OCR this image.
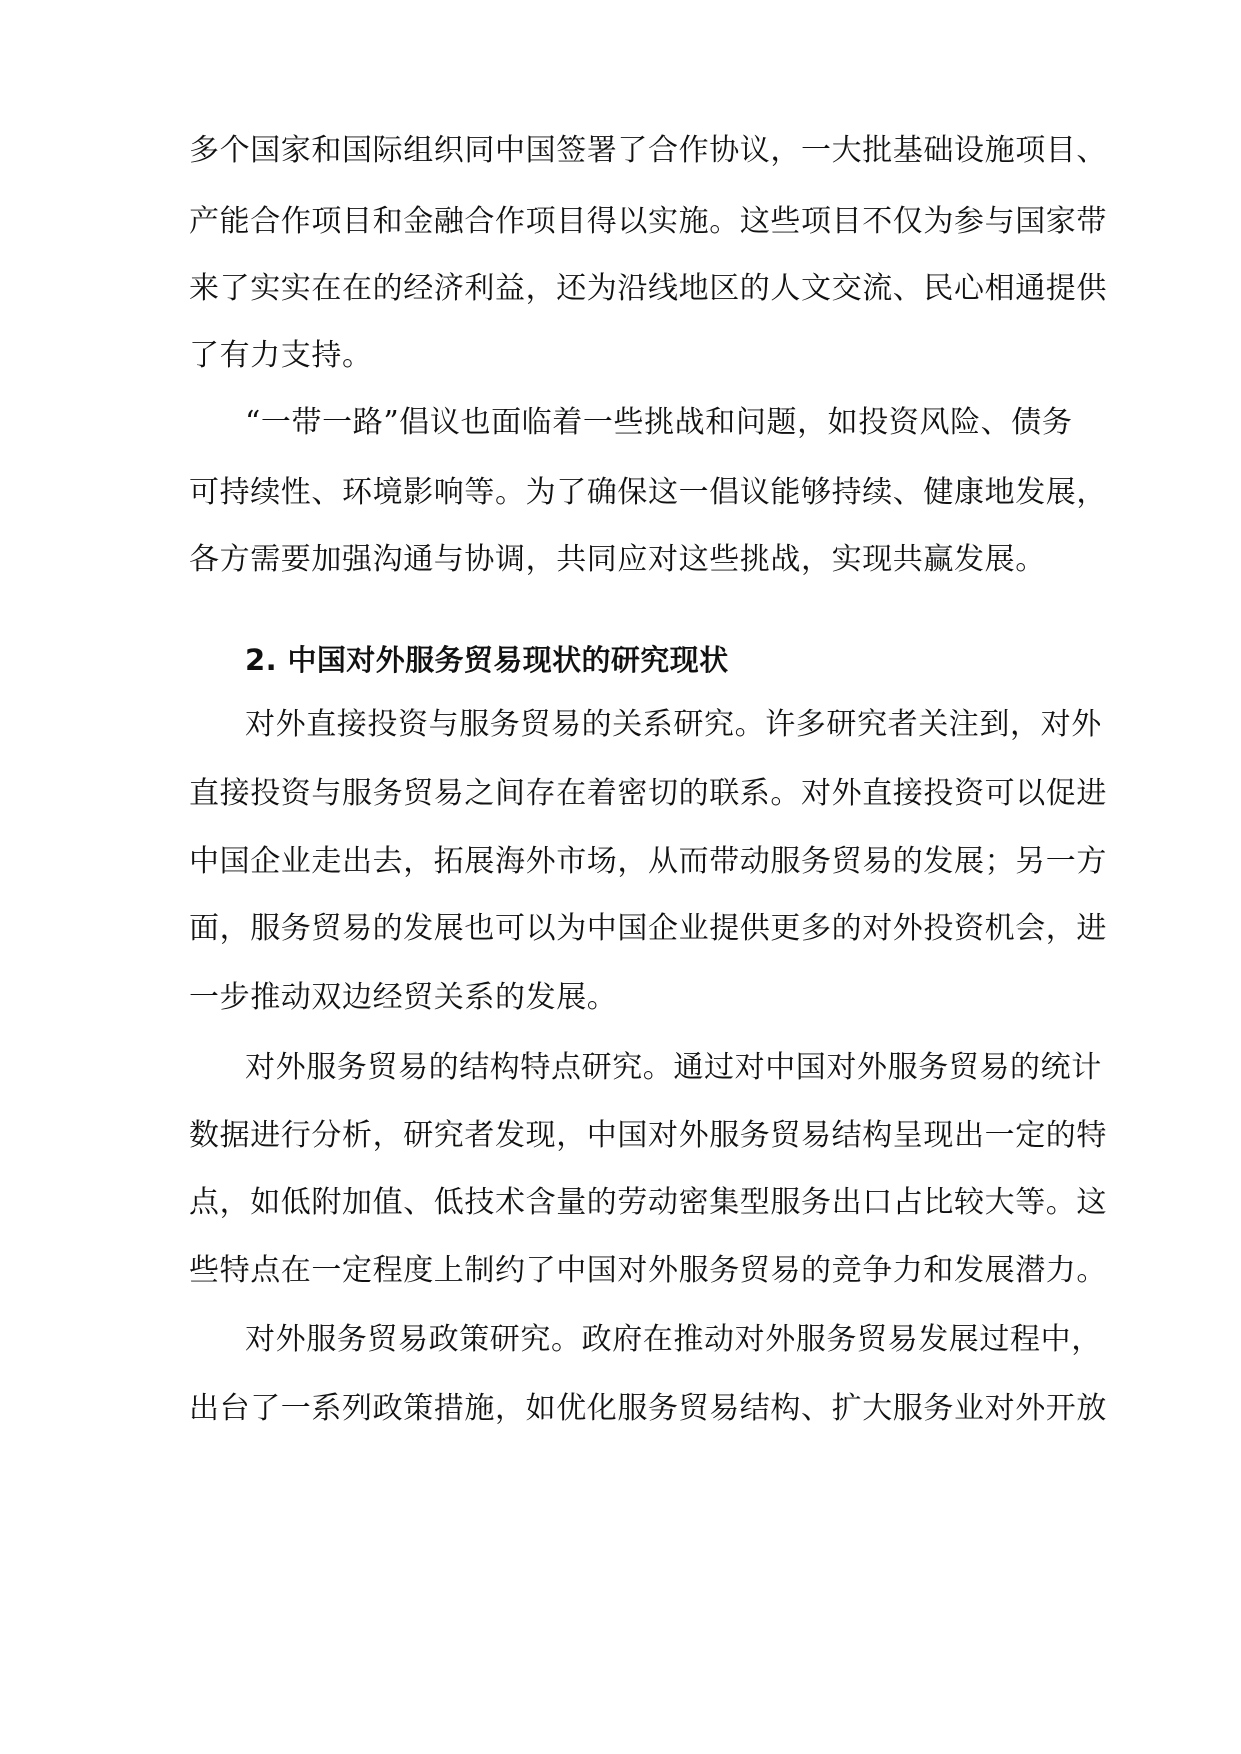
多个国家和国际组织同中国签署了合作协议，一大批基础设施项目、
产能合作项目和金融合作项目得以实施。这些项目不仅为参与国家带
来了实实在在的经济利益，还为沿线地区的人文交流、民心相通提供
了有力支持。
“一带一路”倡议也面临着一些挑战和问题，如投资风险、债务
可持续性、环境影响等。为了确保这一倡议能够持续、健康地发展，
各方需要加强沟通与协调，共同应对这些挑战，实现共赢发展。
2. 中国对外服务贸易现状的研究现状
对外直接投资与服务贸易的关系研究。许多研究者关注到，对外
直接投资与服务贸易之间存在着密切的联系。对外直接投资可以促进
中国企业走出去，拓展海外市场，从而带动服务贸易的发展；另一方
面，服务贸易的发展也可以为中国企业提供更多的对外投资机会，进
一步推动双边经贸关系的发展。
对外服务贸易的结构特点研究。通过对中国对外服务贸易的统计
数据进行分析，研究者发现，中国对外服务贸易结构呈现出一定的特
点，如低附加值、低技术含量的劳动密集型服务出口占比较大等。这
些特点在一定程度上制约了中国对外服务贸易的竞争力和发展潜力。
对外服务贸易政策研究。政府在推动对外服务贸易发展过程中，
出台了一系列政策措施，如优化服务贸易结构、扩大服务业对外开放
